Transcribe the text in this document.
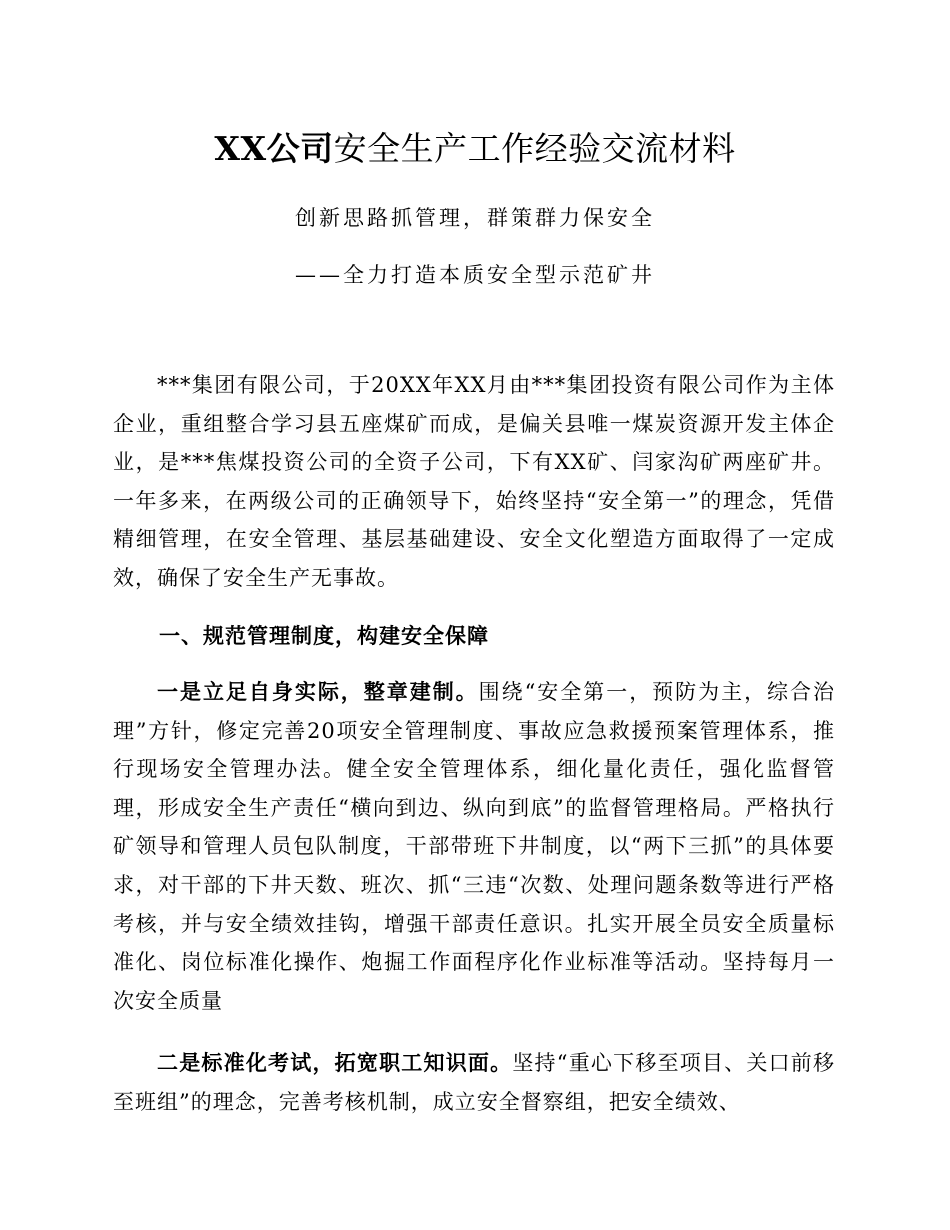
XX公司安全生产工作经验交流材料
创新思路抓管理，群策群力保安全
——全力打造本质安全型示范矿井

***集团有限公司，于20XX年XX月由***集团投资有限公司作为主体企业，重组整合学习县五座煤矿而成，是偏关县唯一煤炭资源开发主体企业，是***焦煤投资公司的全资子公司，下有XX矿、闫家沟矿两座矿井。一年多来，在两级公司的正确领导下，始终坚持“安全第一”的理念，凭借精细管理，在安全管理、基层基础建设、安全文化塑造方面取得了一定成效，确保了安全生产无事故。

一、规范管理制度，构建安全保障

一是立足自身实际，整章建制。围绕“安全第一，预防为主，综合治理”方针，修定完善20项安全管理制度、事故应急救援预案管理体系，推行现场安全管理办法。健全安全管理体系，细化量化责任，强化监督管理，形成安全生产责任“横向到边、纵向到底”的监督管理格局。严格执行矿领导和管理人员包队制度，干部带班下井制度，以“两下三抓”的具体要求，对干部的下井天数、班次、抓“三违“次数、处理问题条数等进行严格考核，并与安全绩效挂钩，增强干部责任意识。扎实开展全员安全质量标准化、岗位标准化操作、炮掘工作面程序化作业标准等活动。坚持每月一次安全质量

二是标准化考试，拓宽职工知识面。坚持“重心下移至项目、关口前移至班组”的理念，完善考核机制，成立安全督察组，把安全绩效、
